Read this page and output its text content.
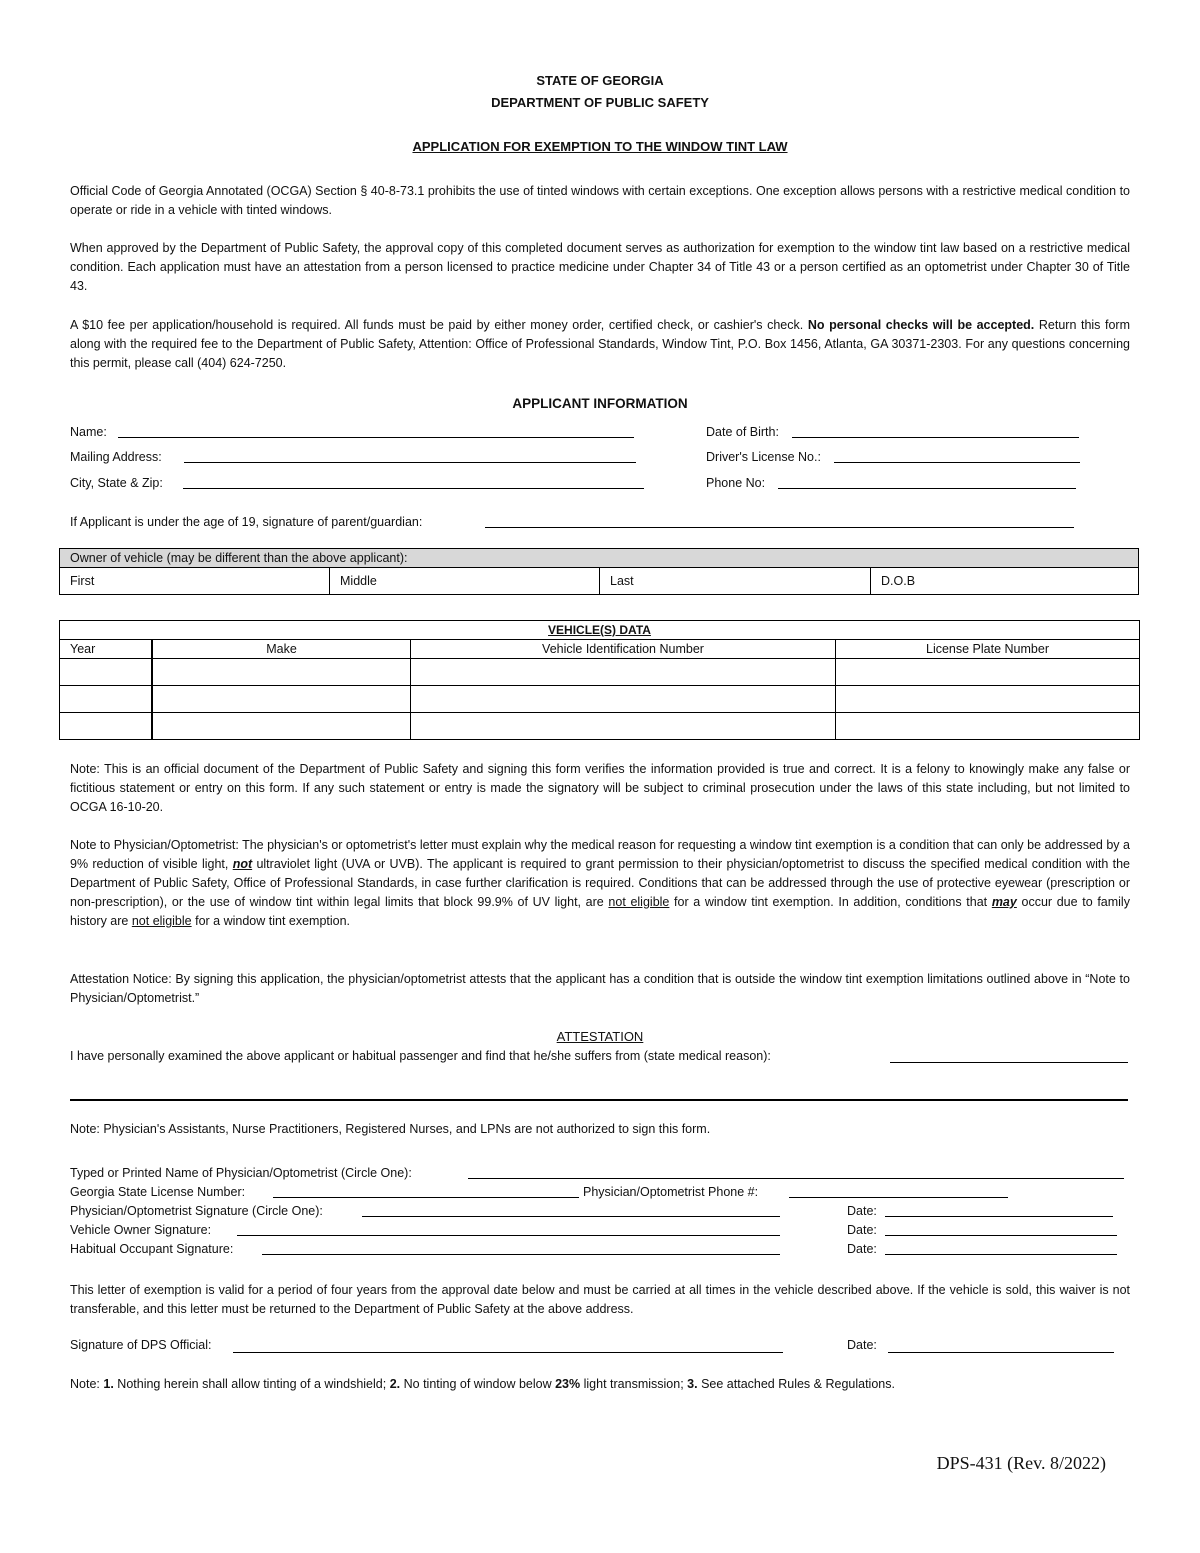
STATE OF GEORGIA
DEPARTMENT OF PUBLIC SAFETY
APPLICATION FOR EXEMPTION TO THE WINDOW TINT LAW
Official Code of Georgia Annotated (OCGA) Section § 40-8-73.1 prohibits the use of tinted windows with certain exceptions. One exception allows persons with a restrictive medical condition to operate or ride in a vehicle with tinted windows.
When approved by the Department of Public Safety, the approval copy of this completed document serves as authorization for exemption to the window tint law based on a restrictive medical condition. Each application must have an attestation from a person licensed to practice medicine under Chapter 34 of Title 43 or a person certified as an optometrist under Chapter 30 of Title 43.
A $10 fee per application/household is required. All funds must be paid by either money order, certified check, or cashier's check. No personal checks will be accepted. Return this form along with the required fee to the Department of Public Safety, Attention: Office of Professional Standards, Window Tint, P.O. Box 1456, Atlanta, GA 30371-2303. For any questions concerning this permit, please call (404) 624-7250.
APPLICANT INFORMATION
Name:	Date of Birth:
Mailing Address:	Driver's License No.:
City, State & Zip:	Phone No:
If Applicant is under the age of 19, signature of parent/guardian:
Owner of vehicle (may be different than the above applicant):
First	Middle	Last	D.O.B
VEHICLE(S) DATA			
Year	Make	Vehicle Identification Number	License Plate Number

Note: This is an official document of the Department of Public Safety and signing this form verifies the information provided is true and correct. It is a felony to knowingly make any false or fictitious statement or entry on this form. If any such statement or entry is made the signatory will be subject to criminal prosecution under the laws of this state including, but not limited to OCGA 16-10-20.
Note to Physician/Optometrist: The physician's or optometrist's letter must explain why the medical reason for requesting a window tint exemption is a condition that can only be addressed by a 9% reduction of visible light, not ultraviolet light (UVA or UVB). The applicant is required to grant permission to their physician/optometrist to discuss the specified medical condition with the Department of Public Safety, Office of Professional Standards, in case further clarification is required. Conditions that can be addressed through the use of protective eyewear (prescription or non-prescription), or the use of window tint within legal limits that block 99.9% of UV light, are not eligible for a window tint exemption. In addition, conditions that may occur due to family history are not eligible for a window tint exemption.
Attestation Notice: By signing this application, the physician/optometrist attests that the applicant has a condition that is outside the window tint exemption limitations outlined above in “Note to Physician/Optometrist.”
ATTESTATION
I have personally examined the above applicant or habitual passenger and find that he/she suffers from (state medical reason):
Note: Physician's Assistants, Nurse Practitioners, Registered Nurses, and LPNs are not authorized to sign this form.
Typed or Printed Name of Physician/Optometrist (Circle One):
Georgia State License Number:	Physician/Optometrist Phone #:
Physician/Optometrist Signature (Circle One):	Date:
Vehicle Owner Signature:	Date:
Habitual Occupant Signature:	Date:
This letter of exemption is valid for a period of four years from the approval date below and must be carried at all times in the vehicle described above. If the vehicle is sold, this waiver is not transferable, and this letter must be returned to the Department of Public Safety at the above address.
Signature of DPS Official:	Date:
Note: 1. Nothing herein shall allow tinting of a windshield; 2. No tinting of window below 23% light transmission; 3. See attached Rules & Regulations.
DPS-431 (Rev. 8/2022)
